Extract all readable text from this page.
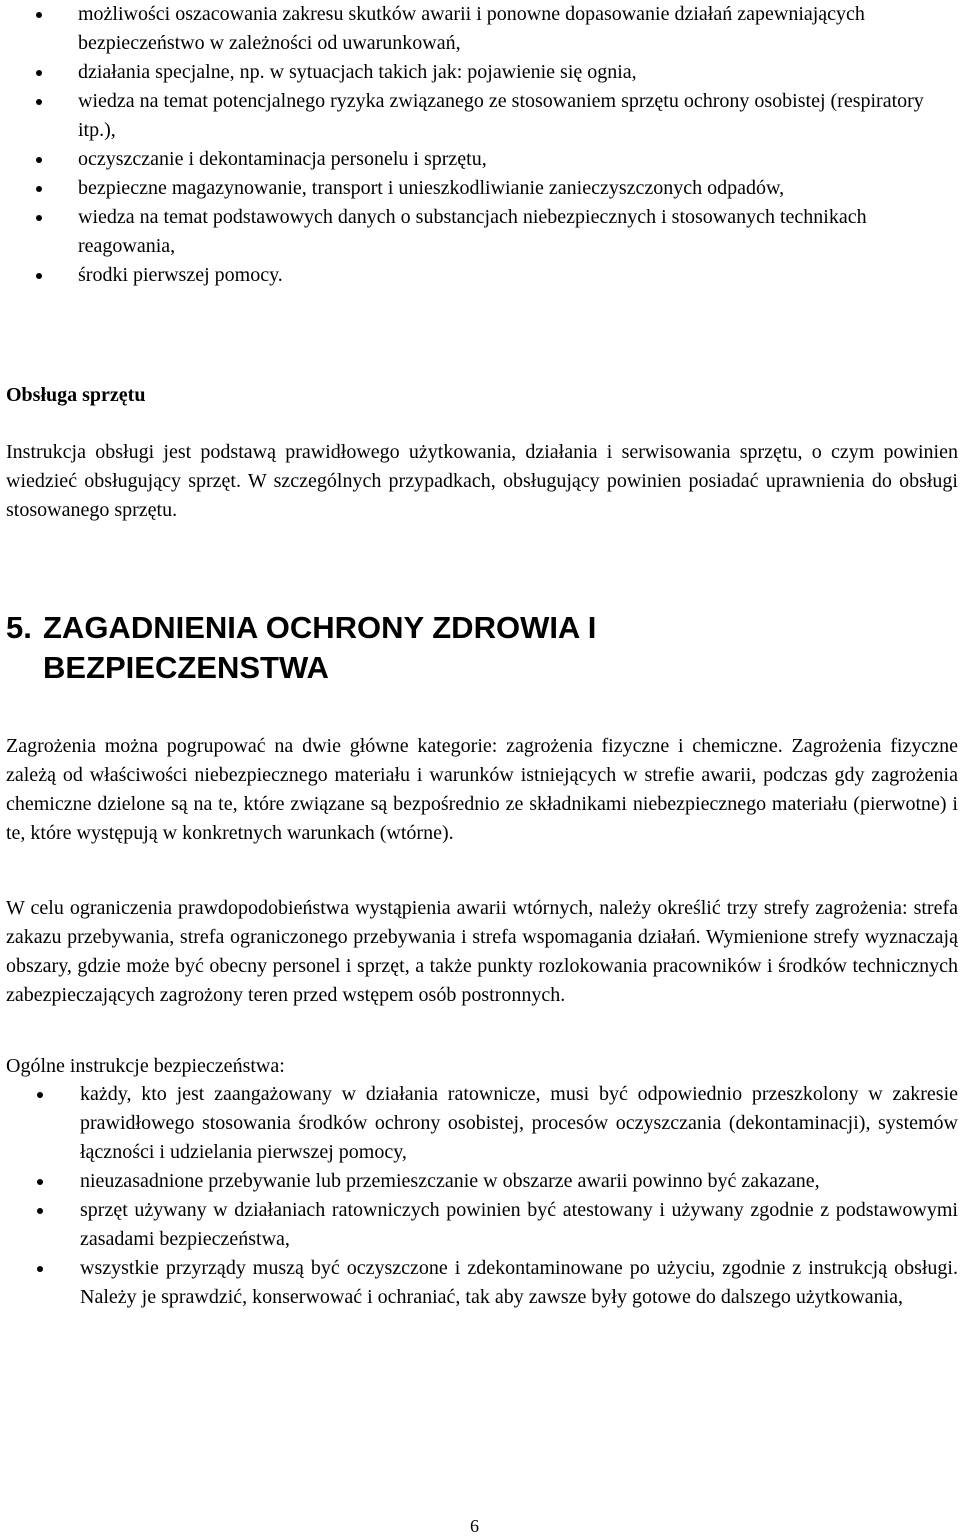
możliwości oszacowania zakresu skutków awarii i ponowne dopasowanie działań zapewniających bezpieczeństwo w zależności od uwarunkowań,
działania specjalne, np. w sytuacjach takich jak: pojawienie się ognia,
wiedza na temat potencjalnego ryzyka związanego ze stosowaniem sprzętu ochrony osobistej (respiratory itp.),
oczyszczanie i dekontaminacja personelu i sprzętu,
bezpieczne magazynowanie, transport i unieszkodliwianie zanieczyszczonych odpadów,
wiedza na temat podstawowych danych o substancjach niebezpiecznych i stosowanych technikach reagowania,
środki pierwszej pomocy.
Obsługa sprzętu

Instrukcja obsługi jest podstawą prawidłowego użytkowania, działania i serwisowania sprzętu, o czym powinien wiedzieć obsługujący sprzęt. W szczególnych przypadkach, obsługujący powinien posiadać uprawnienia do obsługi stosowanego sprzętu.

5. ZAGADNIENIA OCHRONY ZDROWIA I
BEZPIECZENSTWA

Zagrożenia można pogrupować na dwie główne kategorie: zagrożenia fizyczne i chemiczne. Zagrożenia fizyczne zależą od właściwości niebezpiecznego materiału i warunków istniejących w strefie awarii, podczas gdy zagrożenia chemiczne dzielone są na te, które związane są bezpośrednio ze składnikami niebezpiecznego materiału (pierwotne) i te, które występują w konkretnych warunkach (wtórne).

W celu ograniczenia prawdopodobieństwa wystąpienia awarii wtórnych, należy określić trzy strefy zagrożenia: strefa zakazu przebywania, strefa ograniczonego przebywania i strefa wspomagania działań. Wymienione strefy wyznaczają obszary, gdzie może być obecny personel i sprzęt, a także punkty rozlokowania pracowników i środków technicznych zabezpieczających zagrożony teren przed wstępem osób postronnych.

Ogólne instrukcje bezpieczeństwa:

każdy, kto jest zaangażowany w działania ratownicze, musi być odpowiednio przeszkolony w zakresie prawidłowego stosowania środków ochrony osobistej, procesów oczyszczania (dekontaminacji), systemów łączności i udzielania pierwszej pomocy,
nieuzasadnione przebywanie lub przemieszczanie w obszarze awarii powinno być zakazane,
sprzęt używany w działaniach ratowniczych powinien być atestowany i używany zgodnie z podstawowymi zasadami bezpieczeństwa,
wszystkie przyrządy muszą być oczyszczone i zdekontaminowane po użyciu, zgodnie z instrukcją obsługi. Należy je sprawdzić, konserwować i ochraniać, tak aby zawsze były gotowe do dalszego użytkowania,
6
